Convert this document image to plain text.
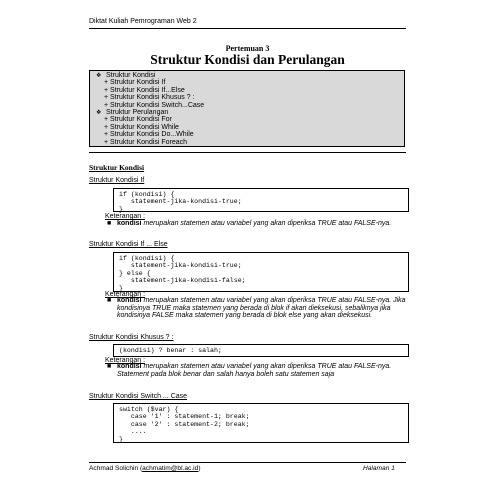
Diktat Kuliah Pemrograman Web 2
Pertemuan 3
Struktur Kondisi dan Perulangan
❖ Struktur Kondisi
+ Struktur Kondisi If
+ Struktur Kondisi If...Else
+ Struktur Kondisi Khusus ? :
+ Struktur Kondisi Switch...Case
❖ Struktur Perulangan
+ Struktur Kondisi For
+ Struktur Kondisi While
+ Struktur Kondisi Do...While
+ Struktur Kondisi Foreach
Struktur Kondisi
Struktur Kondisi If
if (kondisi) {
statement-jika-kondisi-true;
}
Keterangan :
■ kondisi merupakan statemen atau variabel yang akan diperiksa TRUE atau FALSE-nya.
Struktur Kondisi If ... Else
if (kondisi) {
statement-jika-kondisi-true;
} else {
statement-jika-kondisi-false;
}
Keterangan :
■ kondisi merupakan statemen atau variabel yang akan diperiksa TRUE atau FALSE-nya. Jika kondisinya TRUE maka statemen yang berada di blok if akan dieksekusi, sebaliknya jika kondisinya FALSE maka statemen yang berada di blok else yang akan dieksekusi.
Struktur Kondisi Khusus ? :
(kondisi) ? benar : salah;
Keterangan :
■ kondisi merupakan statemen atau variabel yang akan diperiksa TRUE atau FALSE-nya. Statement pada blok benar dan salah hanya boleh satu statemen saja
Struktur Kondisi Switch ... Case
switch ($var) {
case '1' : statement-1; break;
case '2' : statement-2; break;
....
}
Achmad Solichin (achmatim@bl.ac.id)	Halaman 1
